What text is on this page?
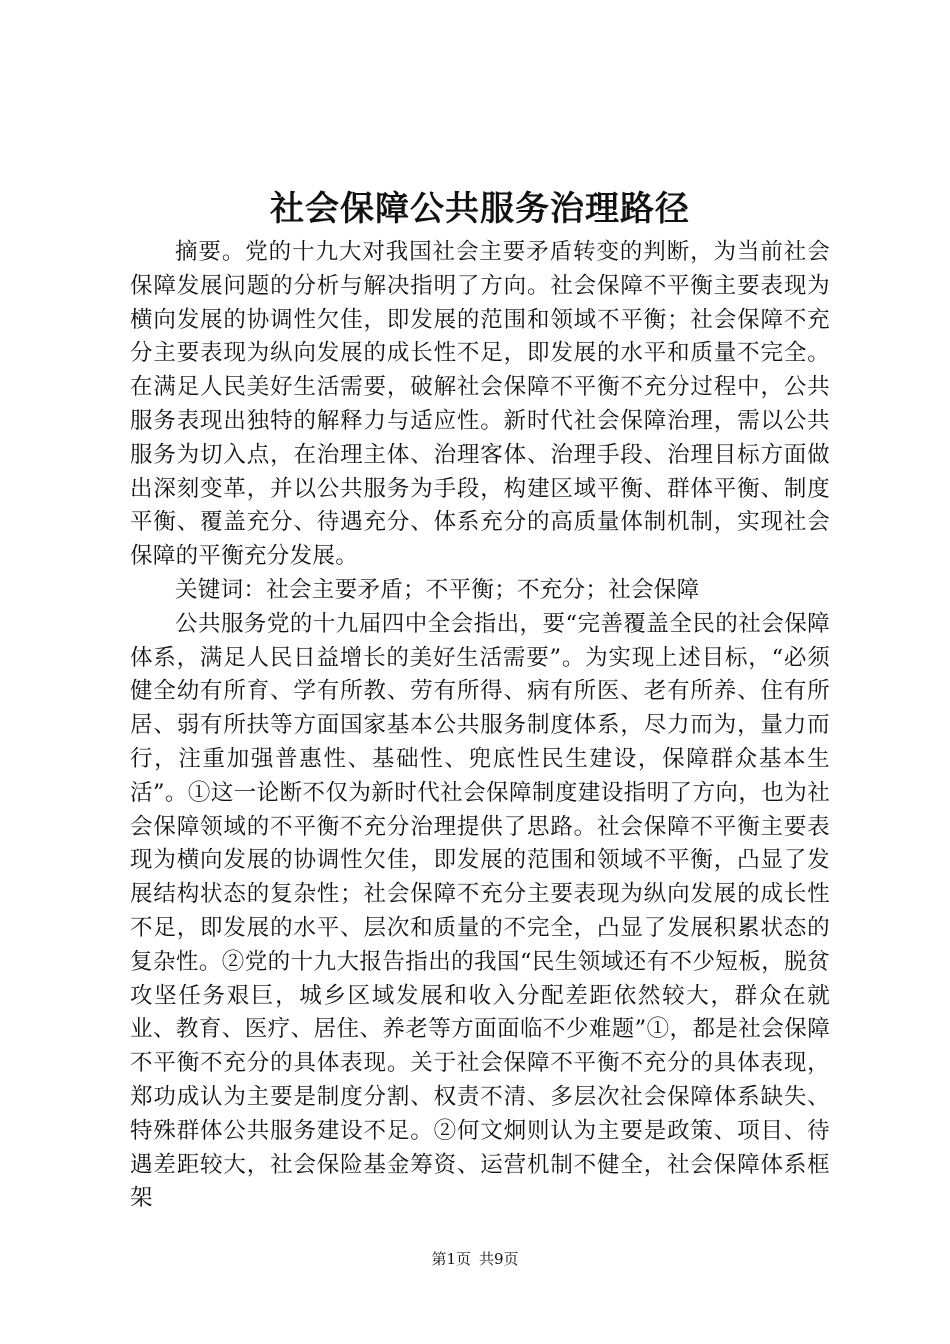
社会保障公共服务治理路径

摘要。党的十九大对我国社会主要矛盾转变的判断，为当前社会保障发展问题的分析与解决指明了方向。社会保障不平衡主要表现为横向发展的协调性欠佳，即发展的范围和领域不平衡；社会保障不充分主要表现为纵向发展的成长性不足，即发展的水平和质量不完全。在满足人民美好生活需要，破解社会保障不平衡不充分过程中，公共服务表现出独特的解释力与适应性。新时代社会保障治理，需以公共服务为切入点，在治理主体、治理客体、治理手段、治理目标方面做出深刻变革，并以公共服务为手段，构建区域平衡、群体平衡、制度平衡、覆盖充分、待遇充分、体系充分的高质量体制机制，实现社会保障的平衡充分发展。

关键词：社会主要矛盾；不平衡；不充分；社会保障

公共服务党的十九届四中全会指出，要“完善覆盖全民的社会保障体系，满足人民日益增长的美好生活需要”。为实现上述目标，“必须健全幼有所育、学有所教、劳有所得、病有所医、老有所养、住有所居、弱有所扶等方面国家基本公共服务制度体系，尽力而为，量力而行，注重加强普惠性、基础性、兜底性民生建设，保障群众基本生活”。①这一论断不仅为新时代社会保障制度建设指明了方向，也为社会保障领域的不平衡不充分治理提供了思路。社会保障不平衡主要表现为横向发展的协调性欠佳，即发展的范围和领域不平衡，凸显了发展结构状态的复杂性；社会保障不充分主要表现为纵向发展的成长性不足，即发展的水平、层次和质量的不完全，凸显了发展积累状态的复杂性。②党的十九大报告指出的我国“民生领域还有不少短板，脱贫攻坚任务艰巨，城乡区域发展和收入分配差距依然较大，群众在就业、教育、医疗、居住、养老等方面面临不少难题”①，都是社会保障不平衡不充分的具体表现。关于社会保障不平衡不充分的具体表现，郑功成认为主要是制度分割、权责不清、多层次社会保障体系缺失、特殊群体公共服务建设不足。②何文炯则认为主要是政策、项目、待遇差距较大，社会保险基金筹资、运营机制不健全，社会保障体系框架

第1页 共9页
